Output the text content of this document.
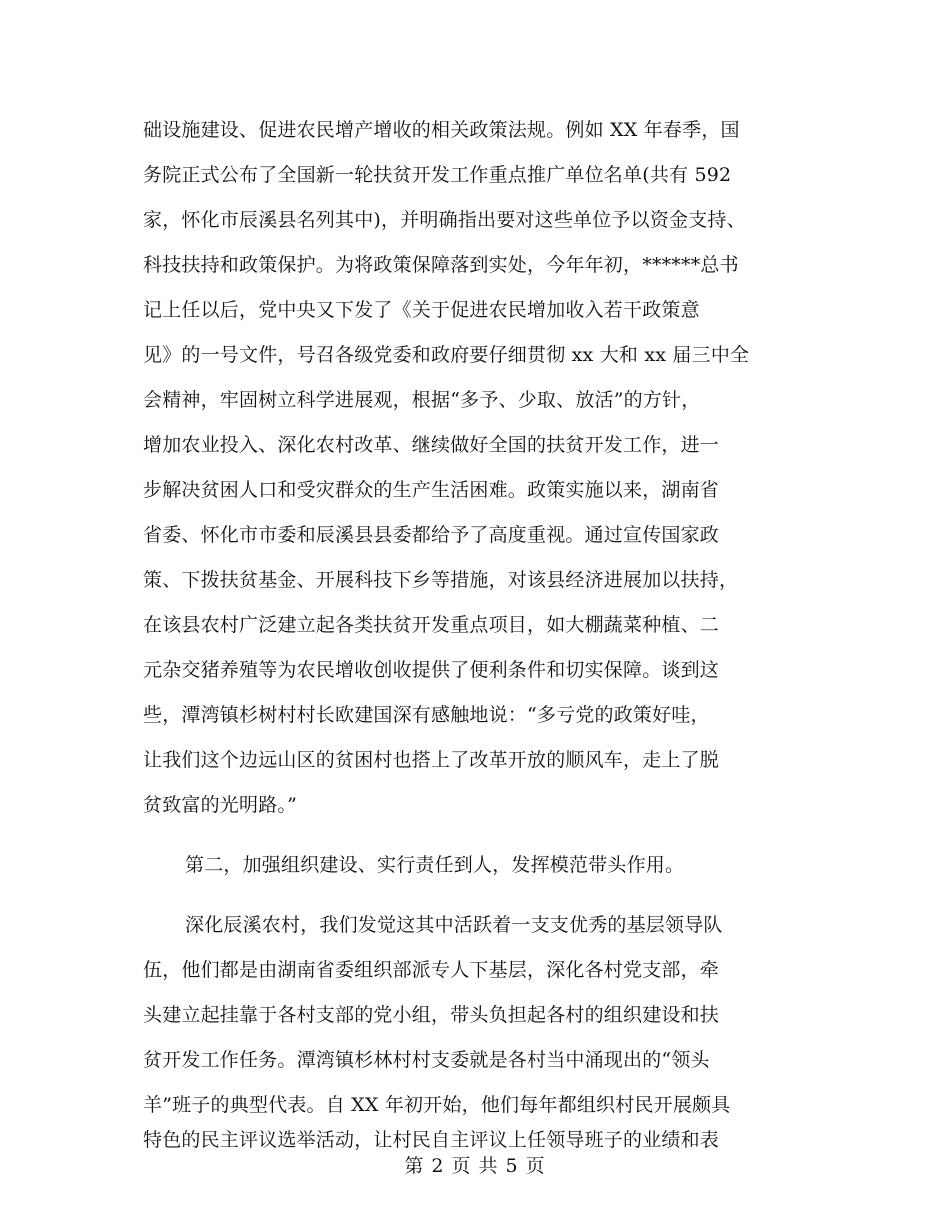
础设施建设、促进农民增产增收的相关政策法规。例如 XX 年春季，国
务院正式公布了全国新一轮扶贫开发工作重点推广单位名单(共有 592
家，怀化市辰溪县名列其中)，并明确指出要对这些单位予以资金支持、
科技扶持和政策保护。为将政策保障落到实处，今年年初，******总书
记上任以后，党中央又下发了《关于促进农民增加收入若干政策意
见》的一号文件，号召各级党委和政府要仔细贯彻 xx 大和 xx 届三中全
会精神，牢固树立科学进展观，根据“多予、少取、放活”的方针，
增加农业投入、深化农村改革、继续做好全国的扶贫开发工作，进一
步解决贫困人口和受灾群众的生产生活困难。政策实施以来，湖南省
省委、怀化市市委和辰溪县县委都给予了高度重视。通过宣传国家政
策、下拨扶贫基金、开展科技下乡等措施，对该县经济进展加以扶持，
在该县农村广泛建立起各类扶贫开发重点项目，如大棚蔬菜种植、二
元杂交猪养殖等为农民增收创收提供了便利条件和切实保障。谈到这
些，潭湾镇杉树村村长欧建国深有感触地说：“多亏党的政策好哇，
让我们这个边远山区的贫困村也搭上了改革开放的顺风车，走上了脱
贫致富的光明路。”
第二，加强组织建设、实行责任到人，发挥模范带头作用。
深化辰溪农村，我们发觉这其中活跃着一支支优秀的基层领导队
伍，他们都是由湖南省委组织部派专人下基层，深化各村党支部，牵
头建立起挂靠于各村支部的党小组，带头负担起各村的组织建设和扶
贫开发工作任务。潭湾镇杉林村村支委就是各村当中涌现出的“领头
羊”班子的典型代表。自 XX 年初开始，他们每年都组织村民开展颇具
特色的民主评议选举活动，让村民自主评议上任领导班子的业绩和表
第 2 页 共 5 页
